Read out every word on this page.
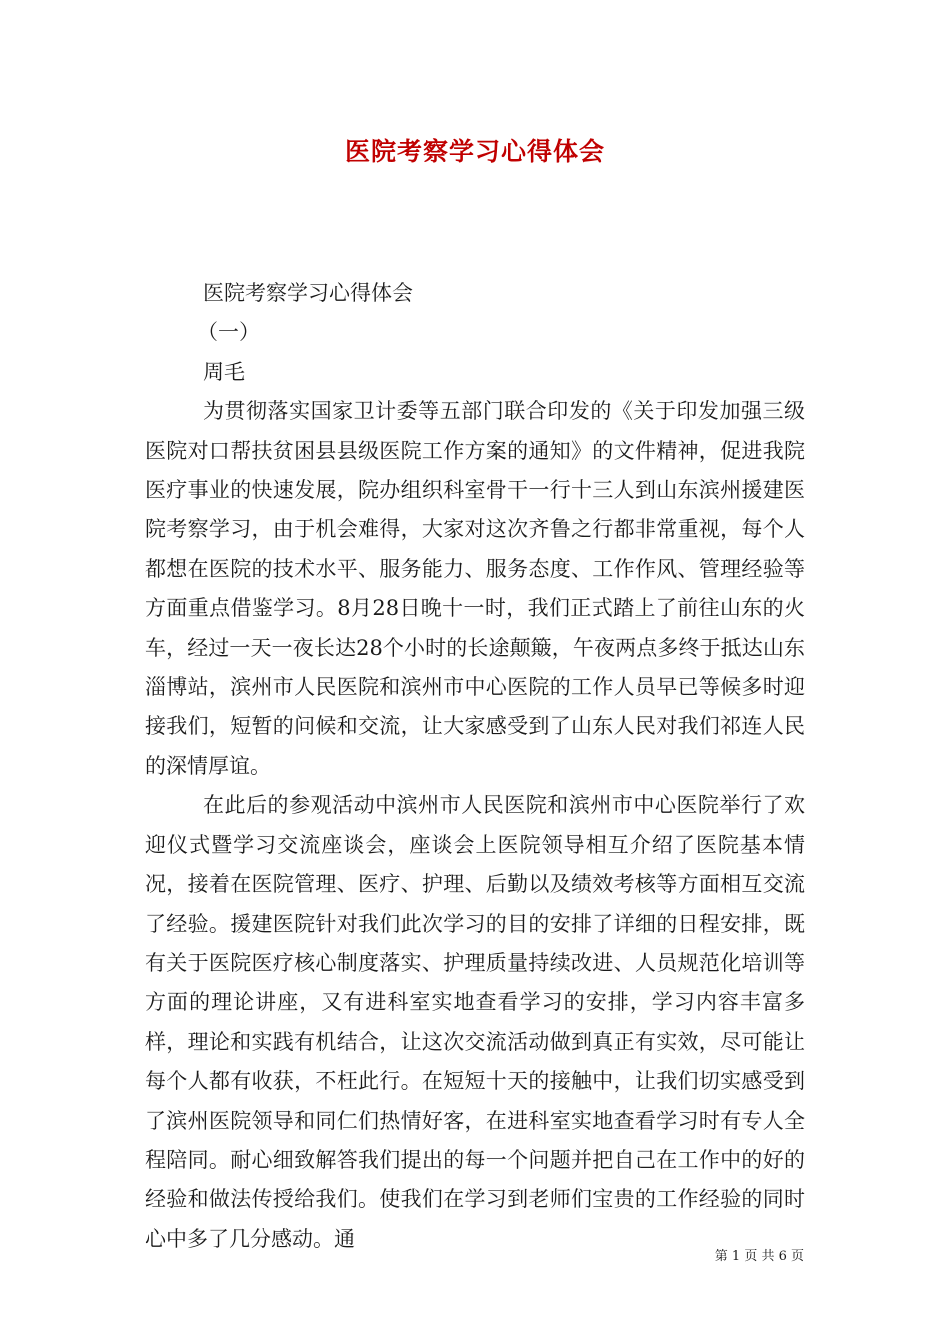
医院考察学习心得体会

医院考察学习心得体会

（一）

周毛

为贯彻落实国家卫计委等五部门联合印发的《关于印发加强三级医院对口帮扶贫困县县级医院工作方案的通知》的文件精神，促进我院医疗事业的快速发展，院办组织科室骨干一行十三人到山东滨州援建医院考察学习，由于机会难得，大家对这次齐鲁之行都非常重视，每个人都想在医院的技术水平、服务能力、服务态度、工作作风、管理经验等方面重点借鉴学习。8月28日晚十一时，我们正式踏上了前往山东的火车，经过一天一夜长达28个小时的长途颠簸，午夜两点多终于抵达山东淄博站，滨州市人民医院和滨州市中心医院的工作人员早已等候多时迎接我们，短暂的问候和交流，让大家感受到了山东人民对我们祁连人民的深情厚谊。

在此后的参观活动中滨州市人民医院和滨州市中心医院举行了欢迎仪式暨学习交流座谈会，座谈会上医院领导相互介绍了医院基本情况，接着在医院管理、医疗、护理、后勤以及绩效考核等方面相互交流了经验。援建医院针对我们此次学习的目的安排了详细的日程安排，既有关于医院医疗核心制度落实、护理质量持续改进、人员规范化培训等方面的理论讲座，又有进科室实地查看学习的安排，学习内容丰富多样，理论和实践有机结合，让这次交流活动做到真正有实效，尽可能让每个人都有收获，不枉此行。在短短十天的接触中，让我们切实感受到了滨州医院领导和同仁们热情好客，在进科室实地查看学习时有专人全程陪同。耐心细致解答我们提出的每一个问题并把自己在工作中的好的经验和做法传授给我们。使我们在学习到老师们宝贵的工作经验的同时心中多了几分感动。通

第 1 页 共 6 页
